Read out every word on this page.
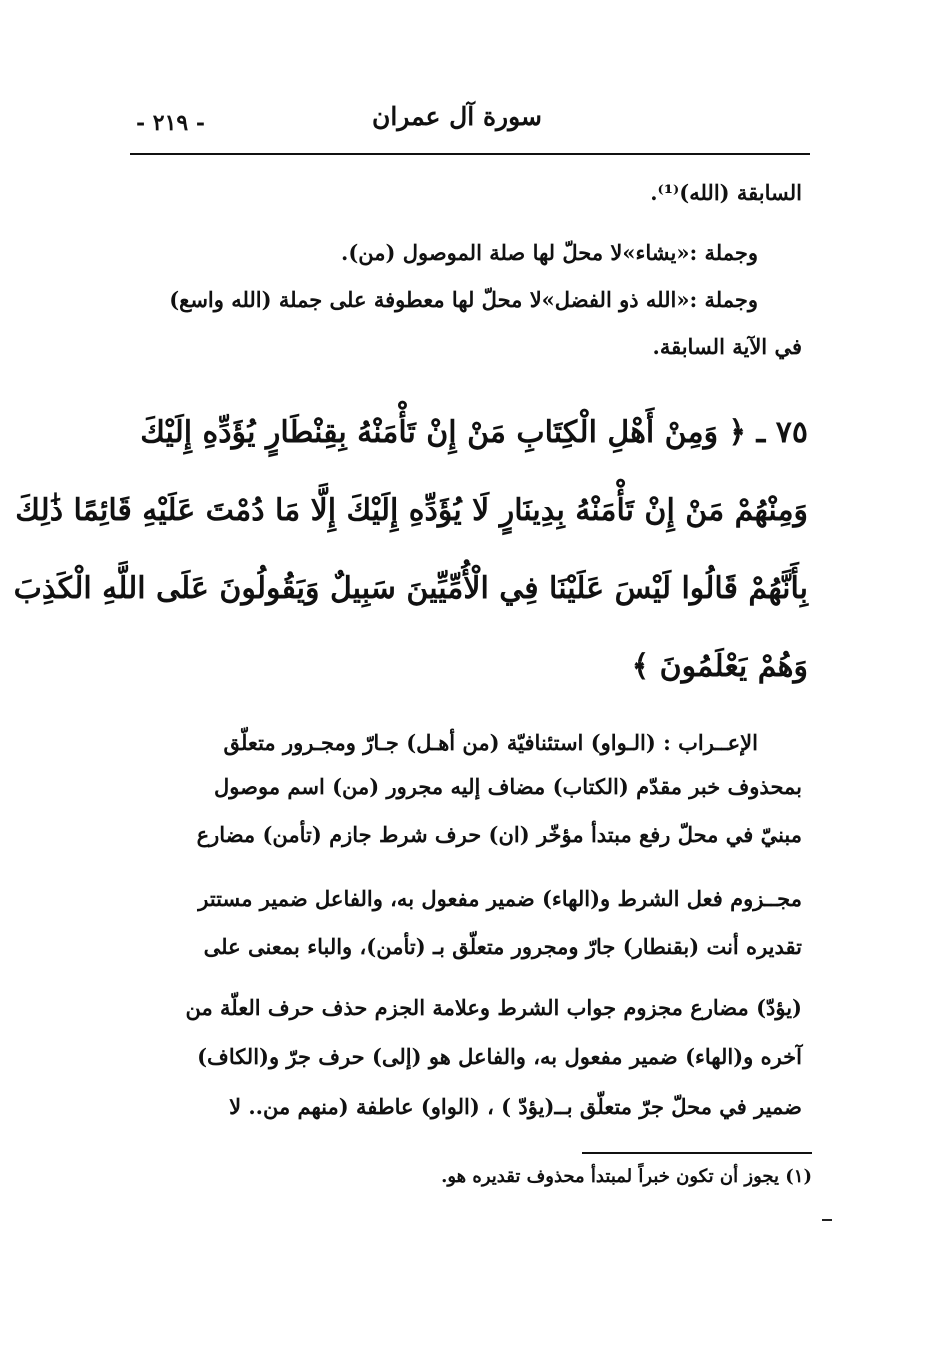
سورة آل عمران
- ٢١٩ -
السابقة (الله)⁽¹⁾.
وجملة :«يشاء»لا محلّ لها صلة الموصول (من).
وجملة :«الله ذو الفضل»لا محلّ لها معطوفة على جملة (الله واسع)
في الآية السابقة.
٧٥ ـ ﴿ وَمِنْ أَهْلِ الْكِتَابِ مَنْ إِنْ تَأْمَنْهُ بِقِنْطَارٍ يُؤَدِّهِ إِلَيْكَ
وَمِنْهُمْ مَنْ إِنْ تَأْمَنْهُ بِدِينَارٍ لَا يُؤَدِّهِ إِلَيْكَ إِلَّا مَا دُمْتَ عَلَيْهِ قَائِمًا ذَٰلِكَ
بِأَنَّهُمْ قَالُوا لَيْسَ عَلَيْنَا فِي الْأُمِّيِّينَ سَبِيلٌ وَيَقُولُونَ عَلَى اللَّهِ الْكَذِبَ
وَهُمْ يَعْلَمُونَ ﴾
الإعــراب : (الـواو) استئنافيّة (من أهـل) جـارّ ومجـرور متعلّق
بمحذوف خبر مقدّم (الكتاب) مضاف إليه مجرور (من) اسم موصول
مبنيّ في محلّ رفع مبتدأ مؤخّر (ان) حرف شرط جازم (تأمن) مضارع
مجــزوم فعل الشرط و(الهاء) ضمير مفعول به، والفاعل ضمير مستتر
تقديره أنت (بقنطار) جارّ ومجرور متعلّق بـ (تأمن)، والباء بمعنى على
(يؤدّ) مضارع مجزوم جواب الشرط وعلامة الجزم حذف حرف العلّة من
آخره و(الهاء) ضمير مفعول به، والفاعل هو (إلى) حرف جرّ و(الكاف)
ضمير في محلّ جرّ متعلّق بــ(يؤدّ ) ، (الواو) عاطفة (منهم من.. لا
(١) يجوز أن تكون خبراً لمبتدأ محذوف تقديره هو.
